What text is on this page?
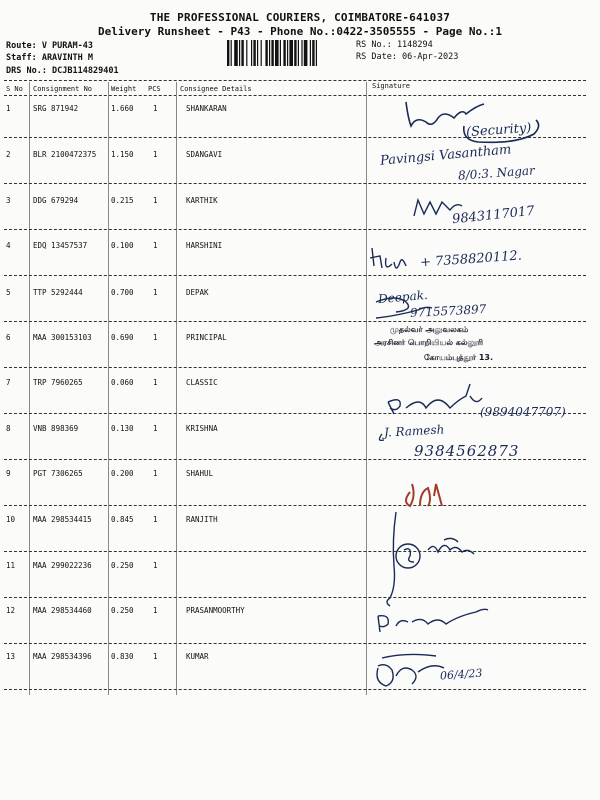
THE PROFESSIONAL COURIERS, COIMBATORE-641037
Delivery Runsheet - P43 - Phone No.:0422-3505555 - Page No.:1
Route: V PURAM-43
Staff: ARAVINTH M
DRS No.: DCJB114829401
RS No.: 1148294
RS Date: 06-Apr-2023
S No Consignment No	Weight PCS	Consignee Details	Signature
1	SRG 871942	1.660	1	SHANKARAN
2	BLR 2100472375 1.150	1	SDANGAVI
3	DDG 679294	0.215	1	KARTHIK
4	EDQ 13457537	0.100	1	HARSHINI
5	TTP 5292444	0.700	1	DEPAK
6	MAA 300153103	0.690	1	PRINCIPAL
7	TRP 7960265	0.060	1	CLASSIC
8	VNB 898369	0.130	1	KRISHNA
9	PGT 7306265	0.200	1	SHAHUL
10 MAA 298534415	0.845	1	RANJITH
11 MAA 299022236	0.250	1
12 MAA 298534460	0.250	1	PRASANMOORTHY
13 MAA 298534396	0.830	1	KUMAR
(Security)
Pavingsi Vasantham
8/0:3. Nagar
9843117017
+ 7358820112.
Deepak.
9715573897
முதல்வர் அலுவலகம்
அரசினர் பொறியியல் கல்லூரி
கோயம்புத்தூர் 13.
(9894047707)
J. Ramesh
9384562873
06/4/23
